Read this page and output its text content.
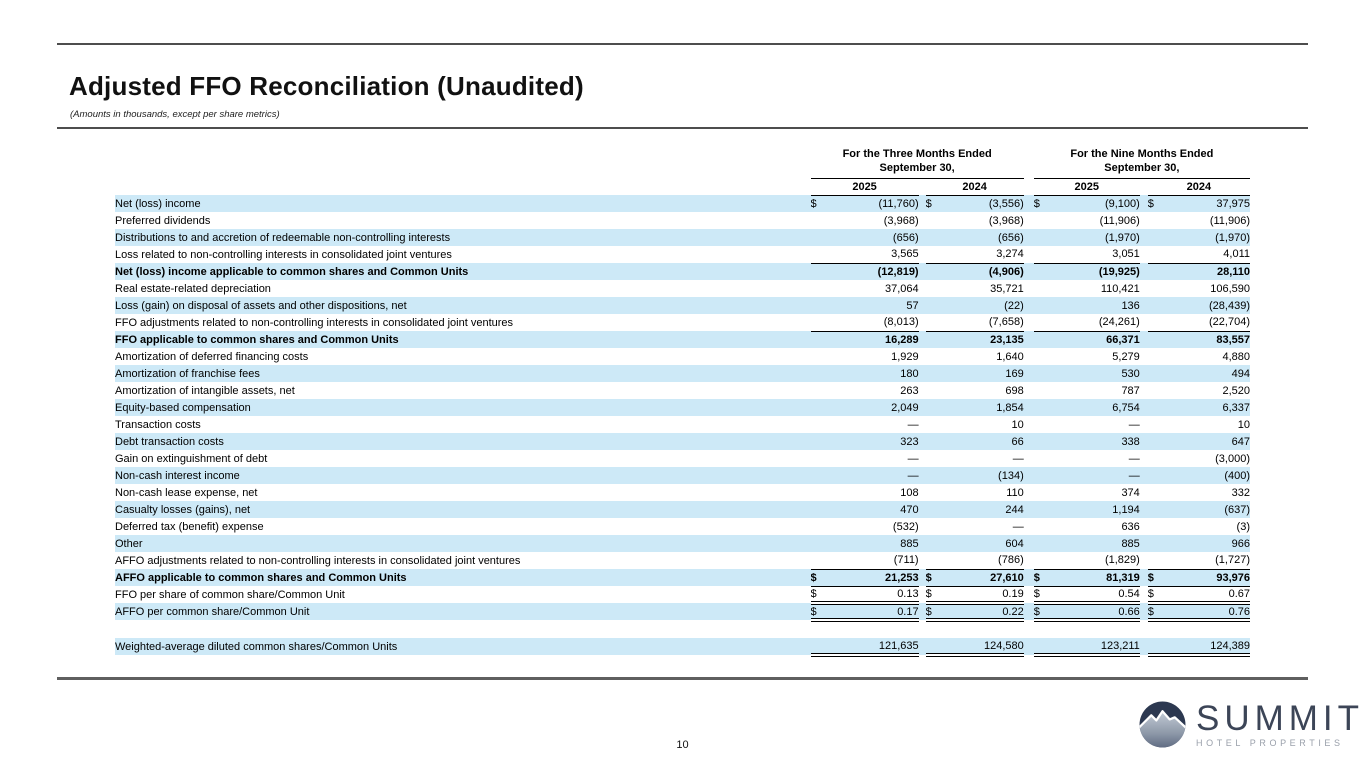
Adjusted FFO Reconciliation (Unaudited)
(Amounts in thousands, except per share metrics)
	For the Three Months Ended
September 30,						For the Nine Months Ended
September 30,				
	2025			2024			2025			2024	
Net (loss) income	$	(11,760)		$	(3,556)		$	(9,100)		$	37,975
Preferred dividends		(3,968)			(3,968)			(11,906)			(11,906)
Distributions to and accretion of redeemable non-controlling interests		(656)			(656)			(1,970)			(1,970)
Loss related to non-controlling interests in consolidated joint ventures		3,565			3,274			3,051			4,011
Net (loss) income applicable to common shares and Common Units		(12,819)			(4,906)			(19,925)			28,110
Real estate-related depreciation		37,064			35,721			110,421			106,590
Loss (gain) on disposal of assets and other dispositions, net		57			(22)			136			(28,439)
FFO adjustments related to non-controlling interests in consolidated joint ventures		(8,013)			(7,658)			(24,261)			(22,704)
FFO applicable to common shares and Common Units		16,289			23,135			66,371			83,557
Amortization of deferred financing costs		1,929			1,640			5,279			4,880
Amortization of franchise fees		180			169			530			494
Amortization of intangible assets, net		263			698			787			2,520
Equity-based compensation		2,049			1,854			6,754			6,337
Transaction costs		—			10			—			10
Debt transaction costs		323			66			338			647
Gain on extinguishment of debt		—			—			—			(3,000)
Non-cash interest income		—			(134)			—			(400)
Non-cash lease expense, net		108			110			374			332
Casualty losses (gains), net		470			244			1,194			(637)
Deferred tax (benefit) expense		(532)			—			636			(3)
Other		885			604			885			966
AFFO adjustments related to non-controlling interests in consolidated joint ventures		(711)			(786)			(1,829)			(1,727)
AFFO applicable to common shares and Common Units	$	21,253		$	27,610		$	81,319		$	93,976
FFO per share of common share/Common Unit	$	0.13		$	0.19		$	0.54		$	0.67
AFFO per common share/Common Unit	$	0.17		$	0.22		$	0.66		$	0.76

Weighted-average diluted common shares/Common Units		121,635			124,580			123,211			124,389
10
SUMMIT
HOTEL PROPERTIES
